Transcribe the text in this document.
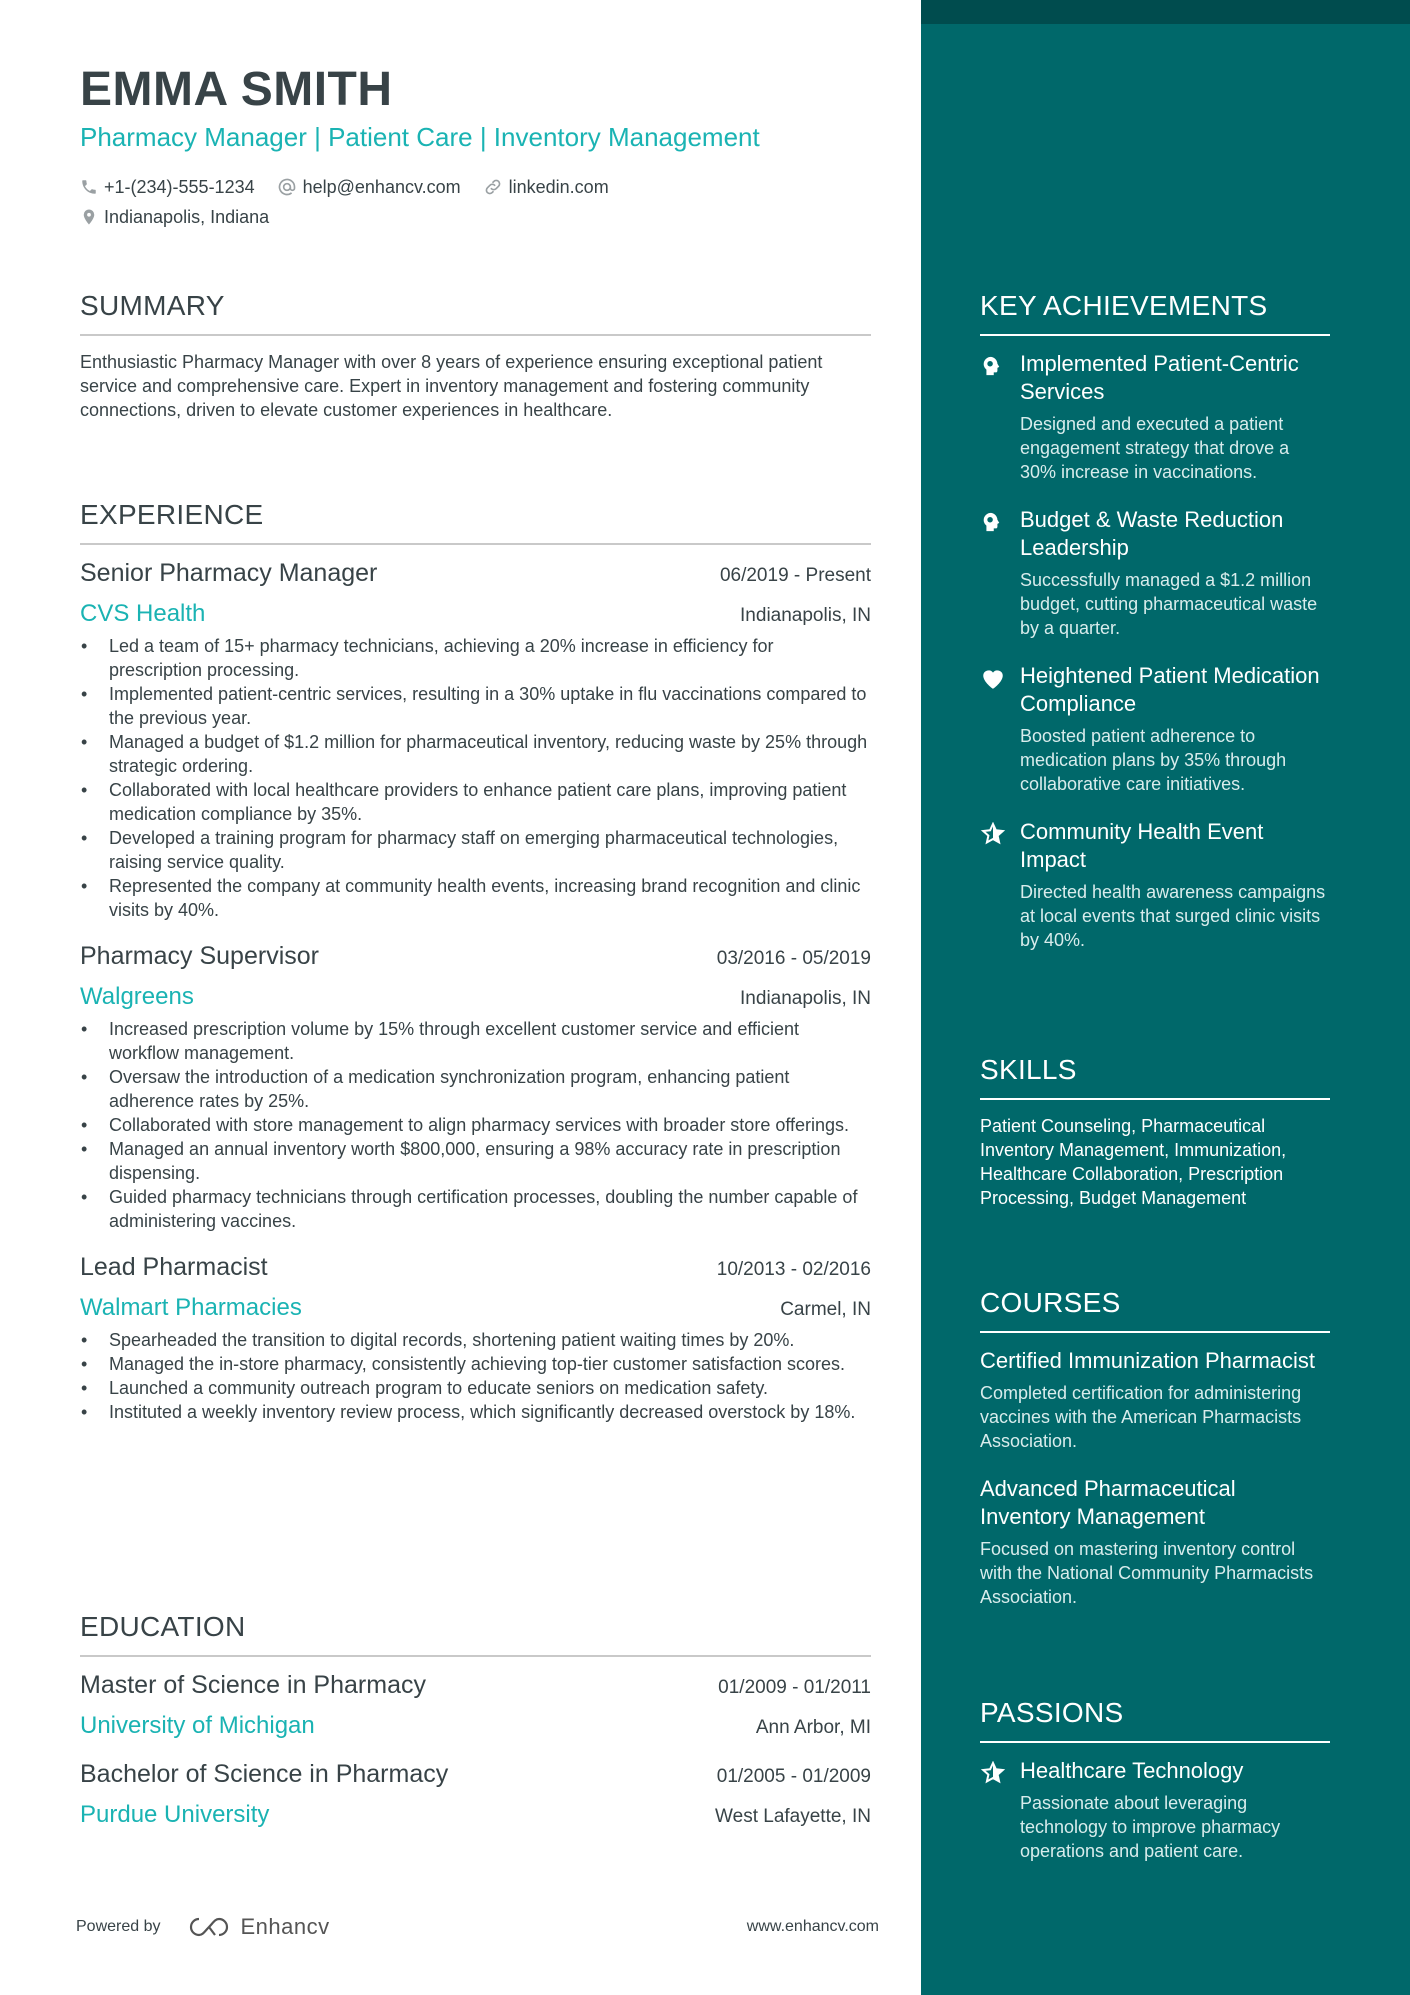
EMMA SMITH
Pharmacy Manager | Patient Care | Inventory Management
+1-(234)-555-1234	help@enhancv.com	linkedin.com
Indianapolis, Indiana
SUMMARY
Enthusiastic Pharmacy Manager with over 8 years of experience ensuring exceptional patient service and comprehensive care. Expert in inventory management and fostering community connections, driven to elevate customer experiences in healthcare.
EXPERIENCE
Senior Pharmacy Manager	06/2019 - Present
CVS Health	Indianapolis, IN
• Led a team of 15+ pharmacy technicians, achieving a 20% increase in efficiency for prescription processing.
• Implemented patient-centric services, resulting in a 30% uptake in flu vaccinations compared to the previous year.
• Managed a budget of $1.2 million for pharmaceutical inventory, reducing waste by 25% through strategic ordering.
• Collaborated with local healthcare providers to enhance patient care plans, improving patient medication compliance by 35%.
• Developed a training program for pharmacy staff on emerging pharmaceutical technologies, raising service quality.
• Represented the company at community health events, increasing brand recognition and clinic visits by 40%.
Pharmacy Supervisor	03/2016 - 05/2019
Walgreens	Indianapolis, IN
• Increased prescription volume by 15% through excellent customer service and efficient workflow management.
• Oversaw the introduction of a medication synchronization program, enhancing patient adherence rates by 25%.
• Collaborated with store management to align pharmacy services with broader store offerings.
• Managed an annual inventory worth $800,000, ensuring a 98% accuracy rate in prescription dispensing.
• Guided pharmacy technicians through certification processes, doubling the number capable of administering vaccines.
Lead Pharmacist	10/2013 - 02/2016
Walmart Pharmacies	Carmel, IN
• Spearheaded the transition to digital records, shortening patient waiting times by 20%.
• Managed the in-store pharmacy, consistently achieving top-tier customer satisfaction scores.
• Launched a community outreach program to educate seniors on medication safety.
• Instituted a weekly inventory review process, which significantly decreased overstock by 18%.
EDUCATION
Master of Science in Pharmacy	01/2009 - 01/2011
University of Michigan	Ann Arbor, MI
Bachelor of Science in Pharmacy	01/2005 - 01/2009
Purdue University	West Lafayette, IN
Powered by	Enhancv	www.enhancv.com
KEY ACHIEVEMENTS
Implemented Patient-Centric Services
Designed and executed a patient engagement strategy that drove a 30% increase in vaccinations.
Budget & Waste Reduction Leadership
Successfully managed a $1.2 million budget, cutting pharmaceutical waste by a quarter.
Heightened Patient Medication Compliance
Boosted patient adherence to medication plans by 35% through collaborative care initiatives.
Community Health Event Impact
Directed health awareness campaigns at local events that surged clinic visits by 40%.
SKILLS
Patient Counseling, Pharmaceutical Inventory Management, Immunization, Healthcare Collaboration, Prescription Processing, Budget Management
COURSES
Certified Immunization Pharmacist
Completed certification for administering vaccines with the American Pharmacists Association.
Advanced Pharmaceutical Inventory Management
Focused on mastering inventory control with the National Community Pharmacists Association.
PASSIONS
Healthcare Technology
Passionate about leveraging technology to improve pharmacy operations and patient care.
